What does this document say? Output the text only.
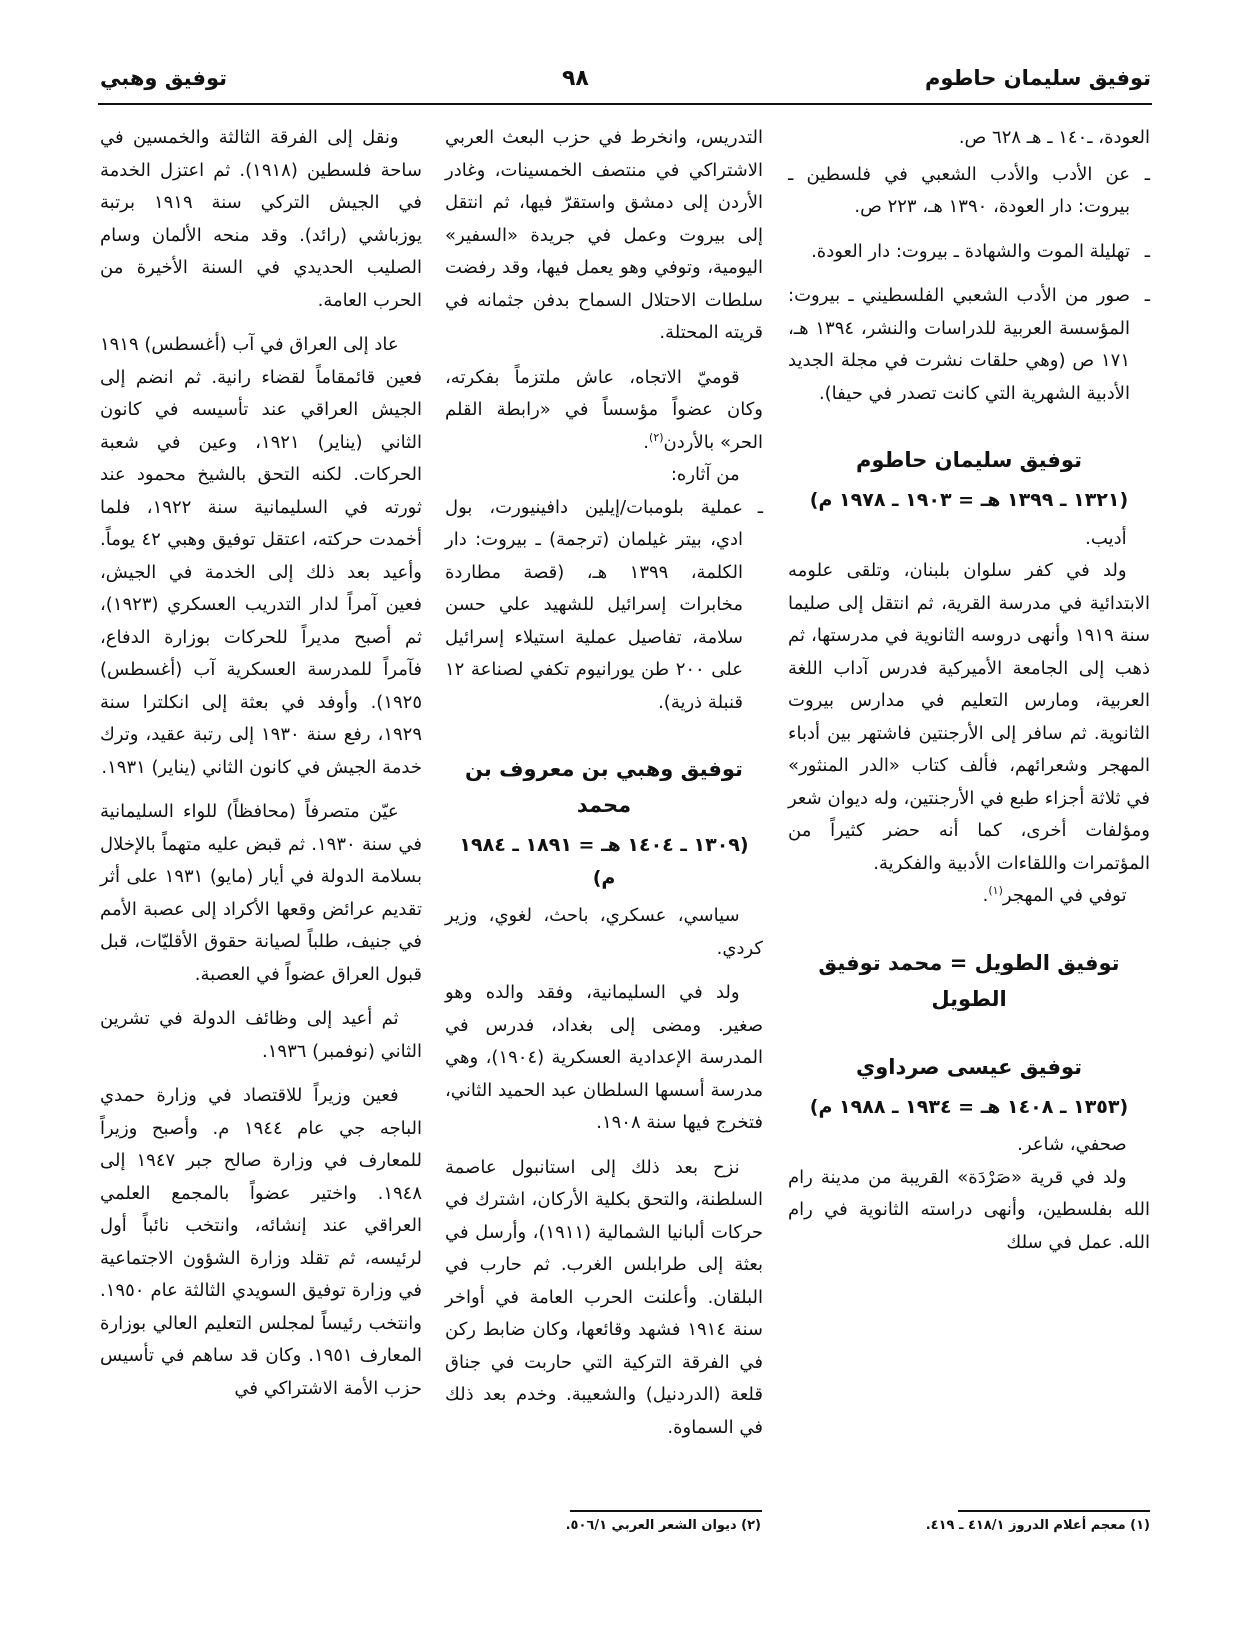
توفيق سليمان حاطوم
٩٨
توفيق وهبي

العودة، ـ١٤٠ ـ هـ ٦٢٨ ص.

ـ
عن الأدب والأدب الشعبي في فلسطين ـ بيروت: دار العودة، ١٣٩٠ هـ، ٢٢٣ ص.
ـ
تهليلة الموت والشهادة ـ بيروت: دار العودة.
ـ
صور من الأدب الشعبي الفلسطيني ـ بيروت: المؤسسة العربية للدراسات والنشر، ١٣٩٤ هـ، ١٧١ ص (وهي حلقات نشرت في مجلة الجديد الأدبية الشهرية التي كانت تصدر في حيفا).
توفيق سليمان حاطوم
(١٣٢١ ـ ١٣٩٩ هـ = ١٩٠٣ ـ ١٩٧٨ م)

أديب.

ولد في كفر سلوان بلبنان، وتلقى علومه الابتدائية في مدرسة القرية، ثم انتقل إلى صليما سنة ١٩١٩ وأنهى دروسه الثانوية في مدرستها، ثم ذهب إلى الجامعة الأميركية فدرس آداب اللغة العربية، ومارس التعليم في مدارس بيروت الثانوية. ثم سافر إلى الأرجنتين فاشتهر بين أدباء المهجر وشعرائهم، فألف كتاب «الدر المنثور» في ثلاثة أجزاء طبع في الأرجنتين، وله ديوان شعر ومؤلفات أخرى، كما أنه حضر كثيراً من المؤتمرات واللقاءات الأدبية والفكرية.

توفي في المهجر$^{(١)}$.

توفيق الطويل = محمد توفيق الطويل
توفيق عيسى صرداوي
(١٣٥٣ ـ ١٤٠٨ هـ = ١٩٣٤ ـ ١٩٨٨ م)

صحفي، شاعر.

ولد في قرية «صَرْدَة» القريبة من مدينة رام الله بفلسطين، وأنهى دراسته الثانوية في رام الله. عمل في سلك

(١) معجم أعلام الدروز ٤١٨/١ ـ ٤١٩.

التدريس، وانخرط في حزب البعث العربي الاشتراكي في منتصف الخمسينات، وغادر الأردن إلى دمشق واستقرّ فيها، ثم انتقل إلى بيروت وعمل في جريدة «السفير» اليومية، وتوفي وهو يعمل فيها، وقد رفضت سلطات الاحتلال السماح بدفن جثمانه في قريته المحتلة.

قوميّ الاتجاه، عاش ملتزماً بفكرته، وكان عضواً مؤسساً في «رابطة القلم الحر» بالأردن$^{(٢)}$.

من آثاره:

ـ
عملية بلومبات/إيلين دافينيورت، بول ادي، بيتر غيلمان (ترجمة) ـ بيروت: دار الكلمة، ١٣٩٩ هـ، (قصة مطاردة مخابرات إسرائيل للشهيد علي حسن سلامة، تفاصيل عملية استيلاء إسرائيل على ٢٠٠ طن يورانيوم تكفي لصناعة ١٢ قنبلة ذرية).
توفيق وهبي بن معروف بن محمد
(١٣٠٩ ـ ١٤٠٤ هـ = ١٨٩١ ـ ١٩٨٤ م)

سياسي، عسكري، باحث، لغوي، وزير كردي.

ولد في السليمانية، وفقد والده وهو صغير. ومضى إلى بغداد، فدرس في المدرسة الإعدادية العسكرية (١٩٠٤)، وهي مدرسة أسسها السلطان عبد الحميد الثاني، فتخرج فيها سنة ١٩٠٨.

نزح بعد ذلك إلى استانبول عاصمة السلطنة، والتحق بكلية الأركان، اشترك في حركات ألبانيا الشمالية (١٩١١)، وأرسل في بعثة إلى طرابلس الغرب. ثم حارب في البلقان. وأعلنت الحرب العامة في أواخر سنة ١٩١٤ فشهد وقائعها، وكان ضابط ركن في الفرقة التركية التي حاربت في جناق قلعة (الدردنيل) والشعيبة. وخدم بعد ذلك في السماوة.

(٢) ديوان الشعر العربي ٥٠٦/١.

ونقل إلى الفرقة الثالثة والخمسين في ساحة فلسطين (١٩١٨). ثم اعتزل الخدمة في الجيش التركي سنة ١٩١٩ برتبة يوزباشي (رائد). وقد منحه الألمان وسام الصليب الحديدي في السنة الأخيرة من الحرب العامة.

عاد إلى العراق في آب (أغسطس) ١٩١٩ فعين قائمقاماً لقضاء رانية. ثم انضم إلى الجيش العراقي عند تأسيسه في كانون الثاني (يناير) ١٩٢١، وعين في شعبة الحركات. لكنه التحق بالشيخ محمود عند ثورته في السليمانية سنة ١٩٢٢، فلما أخمدت حركته، اعتقل توفيق وهبي ٤٢ يوماً. وأعيد بعد ذلك إلى الخدمة في الجيش، فعين آمراً لدار التدريب العسكري (١٩٢٣)، ثم أصبح مديراً للحركات بوزارة الدفاع، فآمراً للمدرسة العسكرية آب (أغسطس) ١٩٢٥). وأوفد في بعثة إلى انكلترا سنة ١٩٢٩، رفع سنة ١٩٣٠ إلى رتبة عقيد، وترك خدمة الجيش في كانون الثاني (يناير) ١٩٣١.

عيّن متصرفاً (محافظاً) للواء السليمانية في سنة ١٩٣٠. ثم قبض عليه متهماً بالإخلال بسلامة الدولة في أيار (مايو) ١٩٣١ على أثر تقديم عرائض وقعها الأكراد إلى عصبة الأمم في جنيف، طلباً لصيانة حقوق الأقليّات، قبل قبول العراق عضواً في العصبة.

ثم أعيد إلى وظائف الدولة في تشرين الثاني (نوفمبر) ١٩٣٦.

فعين وزيراً للاقتصاد في وزارة حمدي الباجه جي عام ١٩٤٤ م. وأصبح وزيراً للمعارف في وزارة صالح جبر ١٩٤٧ إلى ١٩٤٨. واختير عضواً بالمجمع العلمي العراقي عند إنشائه، وانتخب نائباً أول لرئيسه، ثم تقلد وزارة الشؤون الاجتماعية في وزارة توفيق السويدي الثالثة عام ١٩٥٠. وانتخب رئيساً لمجلس التعليم العالي بوزارة المعارف ١٩٥١. وكان قد ساهم في تأسيس حزب الأمة الاشتراكي في
